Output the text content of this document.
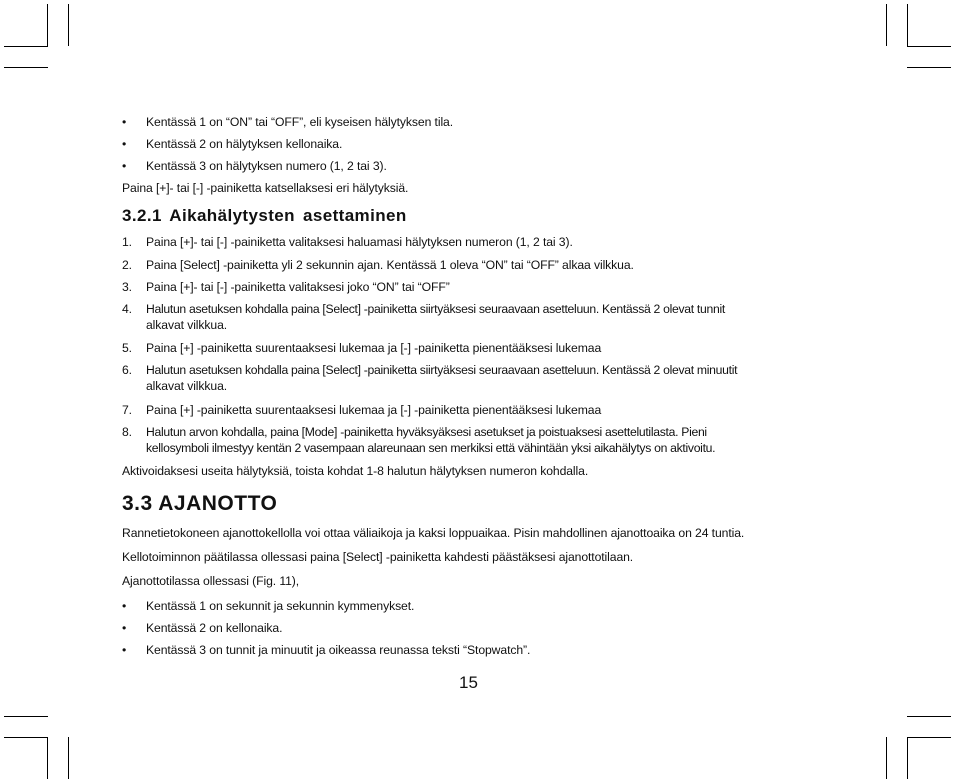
• Kentässä 1 on “ON” tai “OFF”, eli kyseisen hälytyksen tila.
• Kentässä 2 on hälytyksen kellonaika.
• Kentässä 3 on hälytyksen numero (1, 2 tai 3).
Paina [+]- tai [-] -painiketta katsellaksesi eri hälytyksiä.
3.2.1 Aikahälytysten asettaminen
1. Paina [+]- tai [-] -painiketta valitaksesi haluamasi hälytyksen numeron (1, 2 tai 3).
2. Paina [Select] -painiketta yli 2 sekunnin ajan. Kentässä 1 oleva “ON” tai “OFF” alkaa vilkkua.
3. Paina [+]- tai [-] -painiketta valitaksesi joko “ON” tai “OFF”
4. Halutun asetuksen kohdalla paina [Select] -painiketta siirtyäksesi seuraavaan asetteluun. Kentässä 2 olevat tunnit
alkavat vilkkua.
5. Paina [+] -painiketta suurentaaksesi lukemaa ja [-] -painiketta pienentääksesi lukemaa
6. Halutun asetuksen kohdalla paina [Select] -painiketta siirtyäksesi seuraavaan asetteluun. Kentässä 2 olevat minuutit
alkavat vilkkua.
7. Paina [+] -painiketta suurentaaksesi lukemaa ja [-] -painiketta pienentääksesi lukemaa
8. Halutun arvon kohdalla, paina [Mode] -painiketta hyväksyäksesi asetukset ja poistuaksesi asettelutilasta. Pieni
kellosymboli ilmestyy kentän 2 vasempaan alareunaan sen merkiksi että vähintään yksi aikahälytys on aktivoitu.
Aktivoidaksesi useita hälytyksiä, toista kohdat 1-8 halutun hälytyksen numeron kohdalla.
3.3 AJANOTTO
Rannetietokoneen ajanottokellolla voi ottaa väliaikoja ja kaksi loppuaikaa. Pisin mahdollinen ajanottoaika on 24 tuntia.
Kellotoiminnon päätilassa ollessasi paina [Select] -painiketta kahdesti päästäksesi ajanottotilaan.
Ajanottotilassa ollessasi (Fig. 11),
• Kentässä 1 on sekunnit ja sekunnin kymmenykset.
• Kentässä 2 on kellonaika.
• Kentässä 3 on tunnit ja minuutit ja oikeassa reunassa teksti “Stopwatch”.
15
